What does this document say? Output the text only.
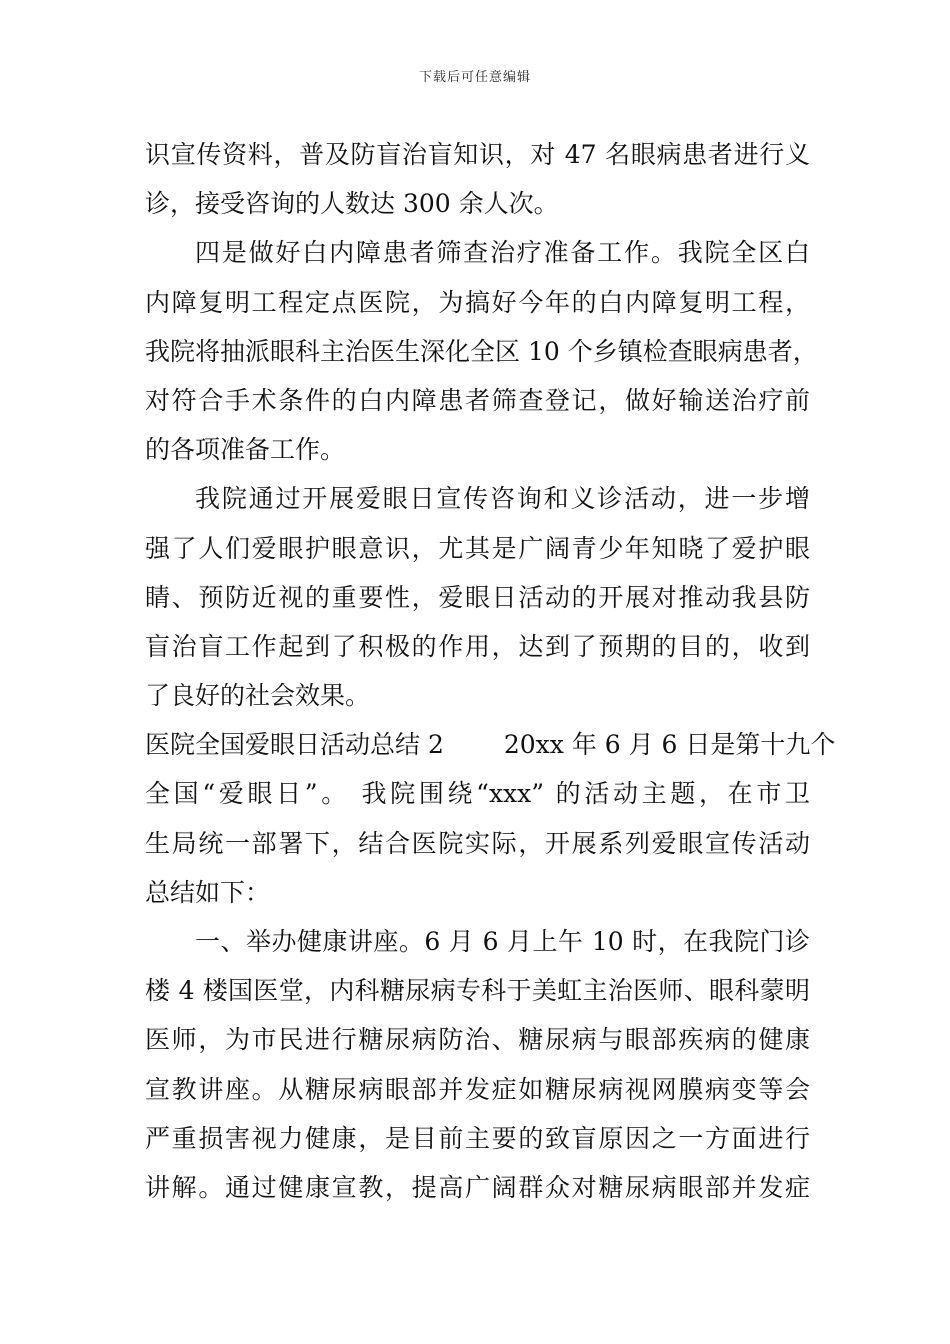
下载后可任意编辑
识宣传资料，普及防盲治盲知识，对 47 名眼病患者进行义
诊，接受咨询的人数达 300 余人次。
四是做好白内障患者筛查治疗准备工作。我院全区白
内障复明工程定点医院，为搞好今年的白内障复明工程，
我院将抽派眼科主治医生深化全区 10 个乡镇检查眼病患者，
对符合手术条件的白内障患者筛查登记，做好输送治疗前
的各项准备工作。
我院通过开展爱眼日宣传咨询和义诊活动，进一步增
强了人们爱眼护眼意识，尤其是广阔青少年知晓了爱护眼
睛、预防近视的重要性，爱眼日活动的开展对推动我县防
盲治盲工作起到了积极的作用，达到了预期的目的，收到
了良好的社会效果。
医院全国爱眼日活动总结 2 20xx 年 6 月 6 日是第十九个
全国“爱眼日”。 我院围绕“xxx” 的活动主题，在市卫
生局统一部署下，结合医院实际，开展系列爱眼宣传活动
总结如下：
一、举办健康讲座。6 月 6 月上午 10 时，在我院门诊
楼 4 楼国医堂，内科糖尿病专科于美虹主治医师、眼科蒙明
医师，为市民进行糖尿病防治、糖尿病与眼部疾病的健康
宣教讲座。从糖尿病眼部并发症如糖尿病视网膜病变等会
严重损害视力健康，是目前主要的致盲原因之一方面进行
讲解。通过健康宣教，提高广阔群众对糖尿病眼部并发症
